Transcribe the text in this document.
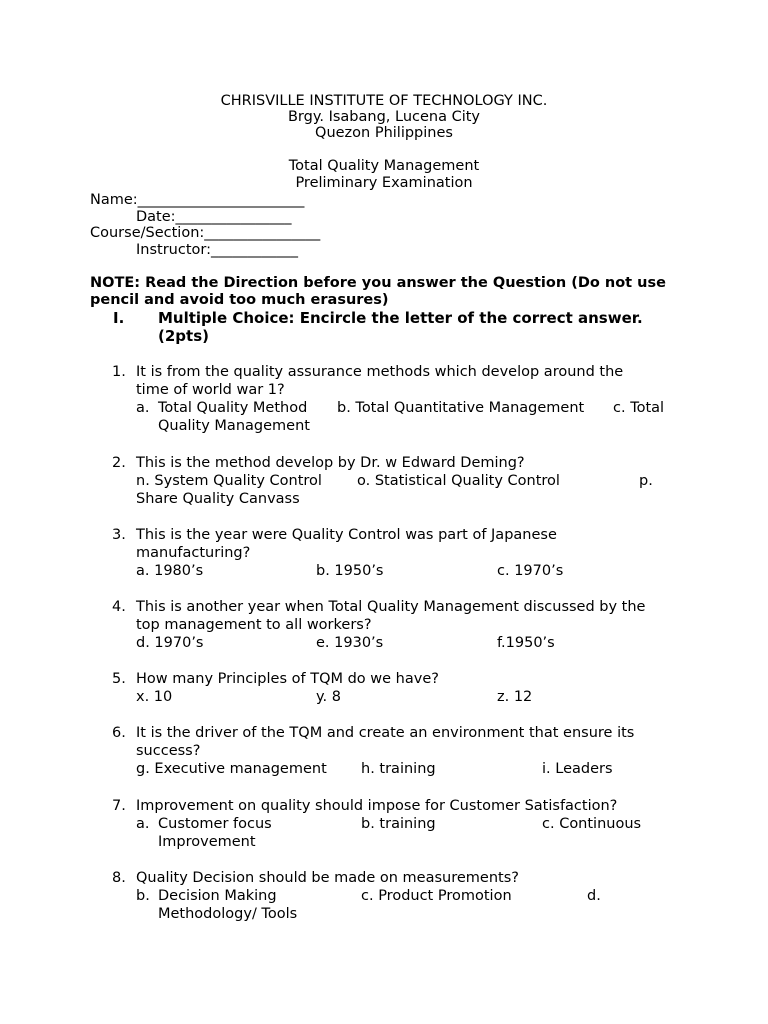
CHRISVILLE INSTITUTE OF TECHNOLOGY INC.
Brgy. Isabang, Lucena City
Quezon Philippines
Total Quality Management
Preliminary Examination
Name:_______________________
Date:________________
Course/Section:________________
Instructor:____________
NOTE: Read the Direction before you answer the Question (Do not use
pencil and avoid too much erasures)
I. Multiple Choice: Encircle the letter of the correct answer.
(2pts)
1. It is from the quality assurance methods which develop around the
time of world war 1?
a. Total Quality Method b. Total Quantitative Management c. Total
Quality Management
2. This is the method develop by Dr. w Edward Deming?
n. System Quality Control o. Statistical Quality Control	p.
Share Quality Canvass
3. This is the year were Quality Control was part of Japanese
manufacturing?
a. 1980’s	b. 1950’s	c. 1970’s
4. This is another year when Total Quality Management discussed by the
top management to all workers?
d. 1970’s	e. 1930’s	f.1950’s
5. How many Principles of TQM do we have?
x. 10	y. 8	z. 12
6. It is the driver of the TQM and create an environment that ensure its
success?
g. Executive management h. training	i. Leaders
7. Improvement on quality should impose for Customer Satisfaction?
a. Customer focus	b. training	c. Continuous
Improvement
8. Quality Decision should be made on measurements?
b. Decision Making	c. Product Promotion	d.
Methodology/ Tools
